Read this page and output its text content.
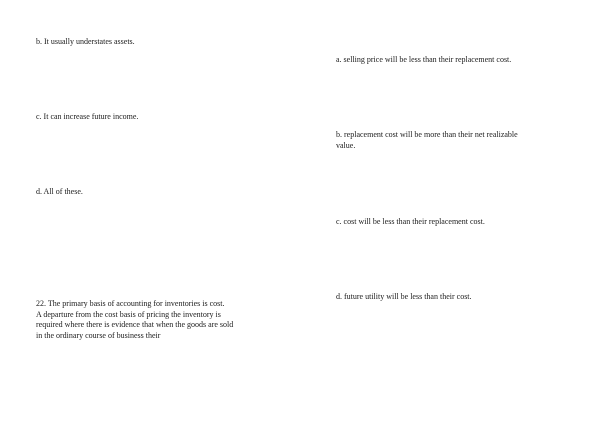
b. It usually understates assets.

a. selling price will be less than their replacement cost.

c. It can increase future income.

b. replacement cost will be more than their net realizable
value.

d. All of these.

c. cost will be less than their replacement cost.

d. future utility will be less than their cost.

22. The primary basis of accounting for inventories is cost.
A departure from the cost basis of pricing the inventory is
required where there is evidence that when the goods are sold
in the ordinary course of business their
